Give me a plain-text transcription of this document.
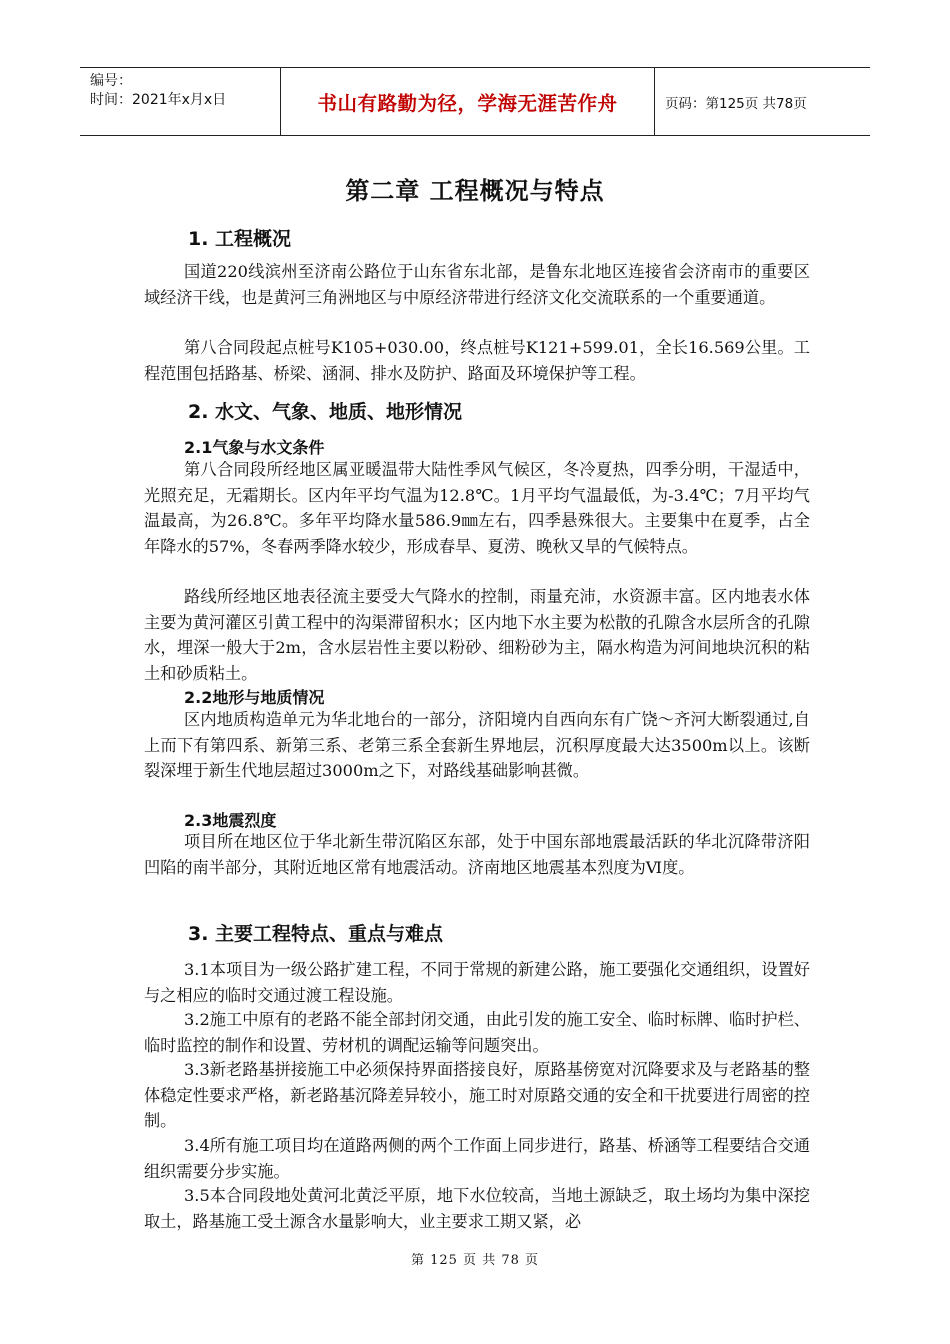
编号：
时间：2021年x月x日	书山有路勤为径，学海无涯苦作舟	页码：第125页 共78页
第二章 工程概况与特点
1. 工程概况

国道220线滨州至济南公路位于山东省东北部，是鲁东北地区连接省会济南市的重要区域经济干线，也是黄河三角洲地区与中原经济带进行经济文化交流联系的一个重要通道。

第八合同段起点桩号K105+030.00，终点桩号K121+599.01，全长16.569公里。工程范围包括路基、桥梁、涵洞、排水及防护、路面及环境保护等工程。

2. 水文、气象、地质、地形情况
2.1气象与水文条件

第八合同段所经地区属亚暖温带大陆性季风气候区，冬冷夏热，四季分明，干湿适中，光照充足，无霜期长。区内年平均气温为12.8℃。1月平均气温最低，为-3.4℃；7月平均气温最高，为26.8℃。多年平均降水量586.9㎜左右，四季悬殊很大。主要集中在夏季，占全年降水的57%，冬春两季降水较少，形成春旱、夏涝、晚秋又旱的气候特点。

路线所经地区地表径流主要受大气降水的控制，雨量充沛，水资源丰富。区内地表水体主要为黄河灌区引黄工程中的沟渠滞留积水；区内地下水主要为松散的孔隙含水层所含的孔隙水，埋深一般大于2m，含水层岩性主要以粉砂、细粉砂为主，隔水构造为河间地块沉积的粘土和砂质粘土。

2.2地形与地质情况

区内地质构造单元为华北地台的一部分，济阳境内自西向东有广饶～齐河大断裂通过,自上而下有第四系、新第三系、老第三系全套新生界地层，沉积厚度最大达3500m以上。该断裂深埋于新生代地层超过3000m之下，对路线基础影响甚微。

2.3地震烈度

项目所在地区位于华北新生带沉陷区东部，处于中国东部地震最活跃的华北沉降带济阳凹陷的南半部分，其附近地区常有地震活动。济南地区地震基本烈度为Ⅵ度。

3. 主要工程特点、重点与难点

3.1本项目为一级公路扩建工程，不同于常规的新建公路，施工要强化交通组织，设置好与之相应的临时交通过渡工程设施。

3.2施工中原有的老路不能全部封闭交通，由此引发的施工安全、临时标牌、临时护栏、临时监控的制作和设置、劳材机的调配运输等问题突出。

3.3新老路基拼接施工中必须保持界面搭接良好，原路基傍宽对沉降要求及与老路基的整体稳定性要求严格，新老路基沉降差异较小，施工时对原路交通的安全和干扰要进行周密的控制。

3.4所有施工项目均在道路两侧的两个工作面上同步进行，路基、桥涵等工程要结合交通组织需要分步实施。

3.5本合同段地处黄河北黄泛平原，地下水位较高，当地土源缺乏，取土场均为集中深挖取土，路基施工受土源含水量影响大，业主要求工期又紧，必

第 125 页 共 78 页
